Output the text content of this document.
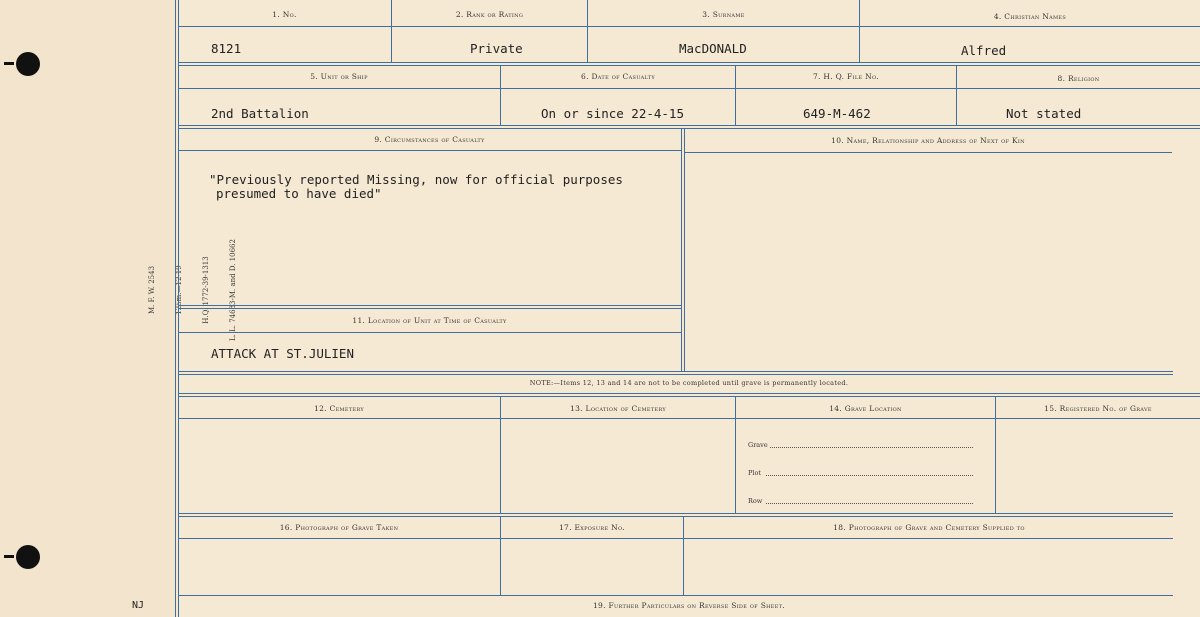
M. F. W. 2543

	125m.—12-19

	H.Q. 1772-39-1313

	L. L. 74683-M. and D. 10662

NJ
1. No.	2. Rank or Rating	3. Surname	4. Christian Names
8121	Private	MacDONALD	Alfred
5. Unit or Ship	6. Date of Casualty	7. H. Q. File No.	8. Religion
2nd Battalion	On or since 22-4-15	649-M-462	Not stated
9. Circumstances of Casualty	10. Name, Relationship and Address of Next of Kin
"Previously reported Missing, now for official purposes
presumed to have died"
11. Location of Unit at Time of Casualty
ATTACK AT ST.JULIEN
NOTE:—Items 12, 13 and 14 are not to be completed until grave is permanently located.
12. Cemetery	13. Location of Cemetery	14. Grave Location	15. Registered No. of Grave
Grave
Plot
Row
16. Photograph of Grave Taken	17. Exposure No.	18. Photograph of Grave and Cemetery Supplied to
19. Further Particulars on Reverse Side of Sheet.
